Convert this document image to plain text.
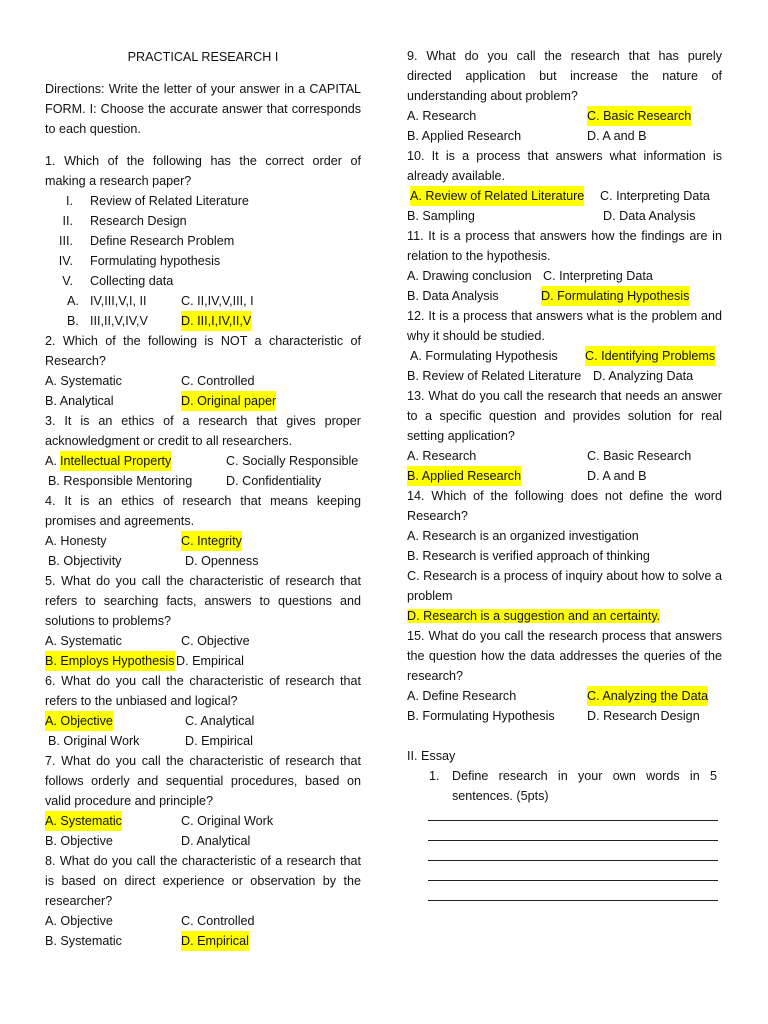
PRACTICAL RESEARCH I
Directions: Write the letter of your answer in a CAPITAL
FORM. I: Choose the accurate answer that corresponds
to each question.
1. Which of the following has the correct order of
making a research paper?
I. Review of Related Literature
II. Research Design
III. Define Research Problem
IV. Formulating hypothesis
V. Collecting data
A. IV,III,V,I, II	C. II,IV,V,III, I
B. III,II,V,IV,V	D. III,I,IV,II,V
2. Which of the following is NOT a characteristic of
Research?
A. Systematic	C. Controlled
B. Analytical	D. Original paper
3. It is an ethics of a research that gives proper
acknowledgment or credit to all researchers.
A. Intellectual Property	C. Socially Responsible
B. Responsible Mentoring	D. Confidentiality
4. It is an ethics of research that means keeping
promises and agreements.
A. Honesty	C. Integrity
B. Objectivity	D. Openness
5. What do you call the characteristic of research that
refers to searching facts, answers to questions and
solutions to problems?
A. Systematic	C. Objective
B. Employs Hypothesis D. Empirical
6. What do you call the characteristic of research that
refers to the unbiased and logical?
A. Objective	C. Analytical
B. Original Work	D. Empirical
7. What do you call the characteristic of research that
follows orderly and sequential procedures, based on
valid procedure and principle?
A. Systematic	C. Original Work
B. Objective	D. Analytical
8. What do you call the characteristic of a research that
is based on direct experience or observation by the
researcher?
A. Objective	C. Controlled
B. Systematic	D. Empirical
9. What do you call the research that has purely
directed application but increase the nature of
understanding about problem?
A. Research	C. Basic Research
B. Applied Research	D. A and B
10. It is a process that answers what information is
already available.
A. Review of Related Literature C. Interpreting Data
B. Sampling	D. Data Analysis
11. It is a process that answers how the findings are in
relation to the hypothesis.
A. Drawing conclusion C. Interpreting Data
B. Data Analysis	D. Formulating Hypothesis
12. It is a process that answers what is the problem and
why it should be studied.
A. Formulating Hypothesis C. Identifying Problems
B. Review of Related Literature D. Analyzing Data
13. What do you call the research that needs an answer
to a specific question and provides solution for real
setting application?
A. Research	C. Basic Research
B. Applied Research	D. A and B
14. Which of the following does not define the word
Research?
A. Research is an organized investigation
B. Research is verified approach of thinking
C. Research is a process of inquiry about how to solve a
problem
D. Research is a suggestion and an certainty.
15. What do you call the research process that answers
the question how the data addresses the queries of the
research?
A. Define Research	C. Analyzing the Data
B. Formulating Hypothesis	D. Research Design
II. Essay
1. Define research in your own words in 5
sentences. (5pts)
